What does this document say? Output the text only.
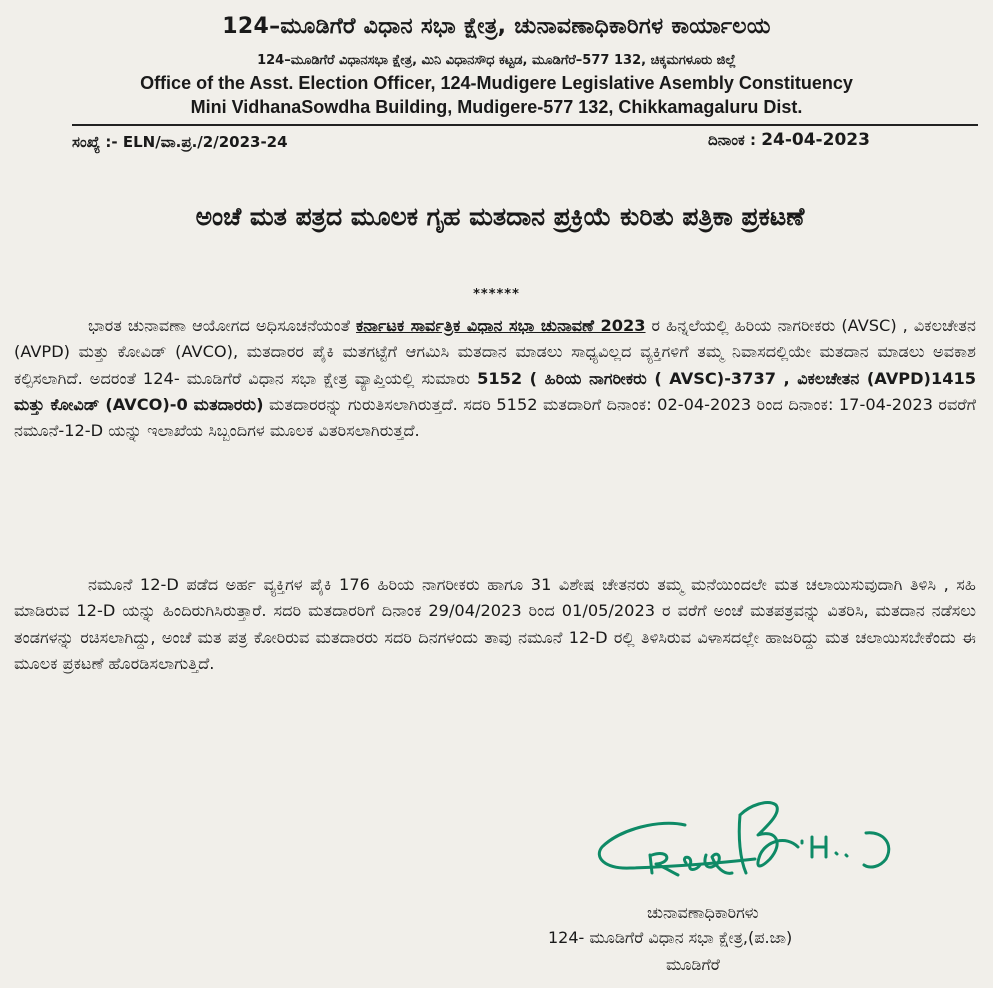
124–ಮೂಡಿಗೆರೆ ವಿಧಾನ ಸಭಾ ಕ್ಷೇತ್ರ, ಚುನಾವಣಾಧಿಕಾರಿಗಳ ಕಾರ್ಯಾಲಯ
124–ಮೂಡಿಗೆರೆ ವಿಧಾನಸಭಾ ಕ್ಷೇತ್ರ, ಮಿನಿ ವಿಧಾನಸೌಧ ಕಟ್ಟಡ, ಮೂಡಿಗೆರೆ–577 132, ಚಿಕ್ಕಮಗಳೂರು ಜಿಲ್ಲೆ
Office of the Asst. Election Officer, 124-Mudigere Legislative Asembly Constituency
Mini VidhanaSowdha Building, Mudigere-577 132, Chikkamagaluru Dist.
ಸಂಖ್ಯೆ :- ELN/ವಾ.ಪ್ರ./2/2023-24	ದಿನಾಂಕ : 24-04-2023
ಅಂಚೆ ಮತ ಪತ್ರದ ಮೂಲಕ ಗೃಹ ಮತದಾನ ಪ್ರಕ್ರಿಯೆ ಕುರಿತು ಪತ್ರಿಕಾ ಪ್ರಕಟಣೆ
******
ಭಾರತ ಚುನಾವಣಾ ಆಯೋಗದ ಅಧಿಸೂಚನೆಯಂತೆ ಕರ್ನಾಟಕ ಸಾರ್ವತ್ರಿಕ ವಿಧಾನ ಸಭಾ ಚುನಾವಣೆ 2023 ರ ಹಿನ್ನಲೆಯಲ್ಲಿ ಹಿರಿಯ ನಾಗರೀಕರು (AVSC) , ವಿಕಲಚೇತನ (AVPD) ಮತ್ತು ಕೋವಿಡ್ (AVCO), ಮತದಾರರ ಪೈಕಿ ಮತಗಟ್ಟೆಗೆ ಆಗಮಿಸಿ ಮತದಾನ ಮಾಡಲು ಸಾಧ್ಯವಿಲ್ಲದ ವ್ಯಕ್ತಿಗಳಿಗೆ ತಮ್ಮ ನಿವಾಸದಲ್ಲಿಯೇ ಮತದಾನ ಮಾಡಲು ಅವಕಾಶ ಕಲ್ಪಿಸಲಾಗಿದೆ. ಅದರಂತೆ 124- ಮೂಡಿಗೆರೆ ವಿಧಾನ ಸಭಾ ಕ್ಷೇತ್ರ ವ್ಯಾಪ್ತಿಯಲ್ಲಿ ಸುಮಾರು 5152 ( ಹಿರಿಯ ನಾಗರೀಕರು ( AVSC)-3737 , ವಿಕಲಚೇತನ (AVPD)1415 ಮತ್ತು ಕೋವಿಡ್ (AVCO)-0 ಮತದಾರರು) ಮತದಾರರನ್ನು ಗುರುತಿಸಲಾಗಿರುತ್ತದೆ. ಸದರಿ 5152 ಮತದಾರಿಗೆ ದಿನಾಂಕ: 02-04-2023 ರಿಂದ ದಿನಾಂಕ: 17-04-2023 ರವರೆಗೆ ನಮೂನೆ-12-D ಯನ್ನು ಇಲಾಖೆಯ ಸಿಬ್ಬಂದಿಗಳ ಮೂಲಕ ವಿತರಿಸಲಾಗಿರುತ್ತದೆ.
ನಮೂನೆ 12-D ಪಡೆದ ಅರ್ಹ ವ್ಯಕ್ತಿಗಳ ಪೈಕಿ 176 ಹಿರಿಯ ನಾಗರೀಕರು ಹಾಗೂ 31 ವಿಶೇಷ ಚೇತನರು ತಮ್ಮ ಮನೆಯಿಂದಲೇ ಮತ ಚಲಾಯಿಸುವುದಾಗಿ ತಿಳಿಸಿ , ಸಹಿ ಮಾಡಿರುವ 12-D ಯನ್ನು ಹಿಂದಿರುಗಿಸಿರುತ್ತಾರೆ. ಸದರಿ ಮತದಾರರಿಗೆ ದಿನಾಂಕ 29/04/2023 ರಿಂದ 01/05/2023 ರ ವರೆಗೆ ಅಂಚೆ ಮತಪತ್ರವನ್ನು ವಿತರಿಸಿ, ಮತದಾನ ನಡೆಸಲು ತಂಡಗಳನ್ನು ರಚಿಸಲಾಗಿದ್ದು, ಅಂಚೆ ಮತ ಪತ್ರ ಕೋರಿರುವ ಮತದಾರರು ಸದರಿ ದಿನಗಳಂದು ತಾವು ನಮೂನೆ 12-D ರಲ್ಲಿ ತಿಳಿಸಿರುವ ವಿಳಾಸದಲ್ಲೇ ಹಾಜರಿದ್ದು ಮತ ಚಲಾಯಿಸಬೇಕೆಂದು ಈ ಮೂಲಕ ಪ್ರಕಟಣೆ ಹೊರಡಿಸಲಾಗುತ್ತಿದೆ.
Raj H.
ಚುನಾವಣಾಧಿಕಾರಿಗಳು
124- ಮೂಡಿಗೆರೆ ವಿಧಾನ ಸಭಾ ಕ್ಷೇತ್ರ,(ಪ.ಜಾ)
ಮೂಡಿಗೆರೆ
